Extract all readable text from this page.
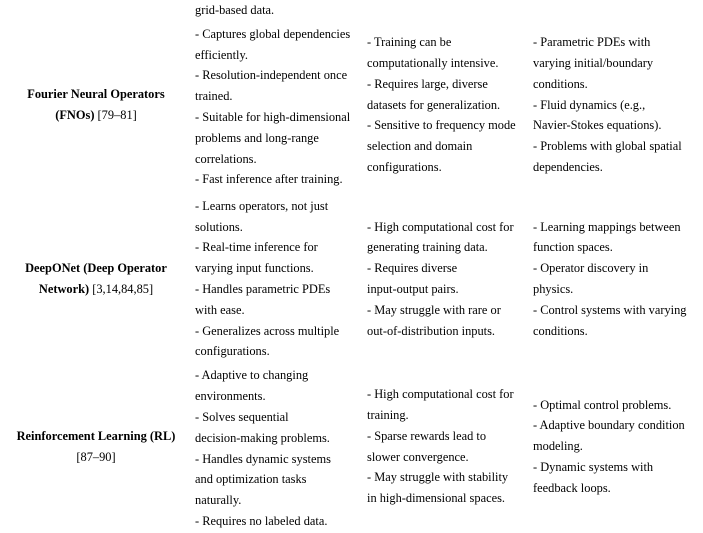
Fourier Neural Operators
(FNOs) [79–81]
grid-based data.
- Captures global dependencies
efficiently.
- Resolution-independent once
trained.
- Suitable for high-dimensional
problems and long-range
correlations.
- Fast inference after training.
- Training can be
computationally intensive.
- Requires large, diverse
datasets for generalization.
- Sensitive to frequency mode
selection and domain
configurations.
- Parametric PDEs with
varying initial/boundary
conditions.
- Fluid dynamics (e.g.,
Navier-Stokes equations).
- Problems with global spatial
dependencies.
DeepONet (Deep Operator
Network) [3,14,84,85]
- Learns operators, not just
solutions.
- Real-time inference for
varying input functions.
- Handles parametric PDEs
with ease.
- Generalizes across multiple
configurations.
- High computational cost for
generating training data.
- Requires diverse
input-output pairs.
- May struggle with rare or
out-of-distribution inputs.
- Learning mappings between
function spaces.
- Operator discovery in
physics.
- Control systems with varying
conditions.
Reinforcement Learning (RL)
[87–90]
- Adaptive to changing
environments.
- Solves sequential
decision-making problems.
- Handles dynamic systems
and optimization tasks
naturally.
- Requires no labeled data.
- High computational cost for
training.
- Sparse rewards lead to
slower convergence.
- May struggle with stability
in high-dimensional spaces.
- Optimal control problems.
- Adaptive boundary condition
modeling.
- Dynamic systems with
feedback loops.
